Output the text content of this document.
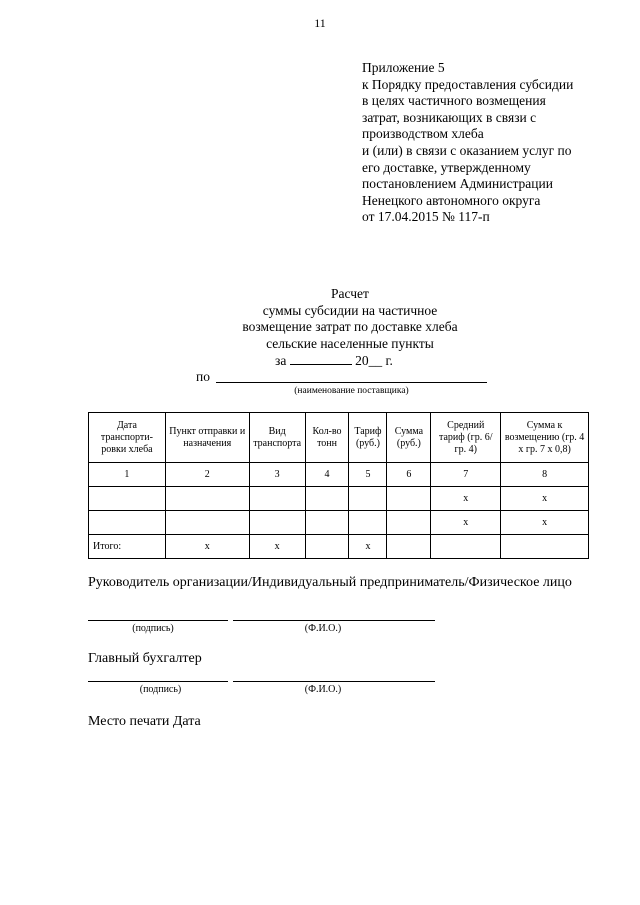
11
Приложение 5
к Порядку предоставления субсидии
в целях частичного возмещения
затрат, возникающих в связи с
производством хлеба
и (или) в связи с оказанием услуг по
его доставке, утвержденному
постановлением Администрации
Ненецкого автономного округа
от 17.04.2015 № 117-п
Расчет
суммы субсидии на частичное
возмещение затрат по доставке хлеба
сельские населенные пункты
за	20__ г.
по
(наименование поставщика)
Дата транспорти-ровки хлеба	Пункт отправки и назначения	Вид транспорта	Кол-во тонн	Тариф (руб.)	Сумма (руб.)	Средний тариф (гр. 6/ гр. 4)	Сумма к возмещению (гр. 4 х гр. 7 х 0,8)
1	2	3	4	5	6	7	8
						х	х
						х	х
Итого:	х	х		х			
Руководитель организации/Индивидуальный предприниматель/Физическое лицо
(подпись)	(Ф.И.О.)
Главный бухгалтер
(подпись)	(Ф.И.О.)
Место печати Дата
